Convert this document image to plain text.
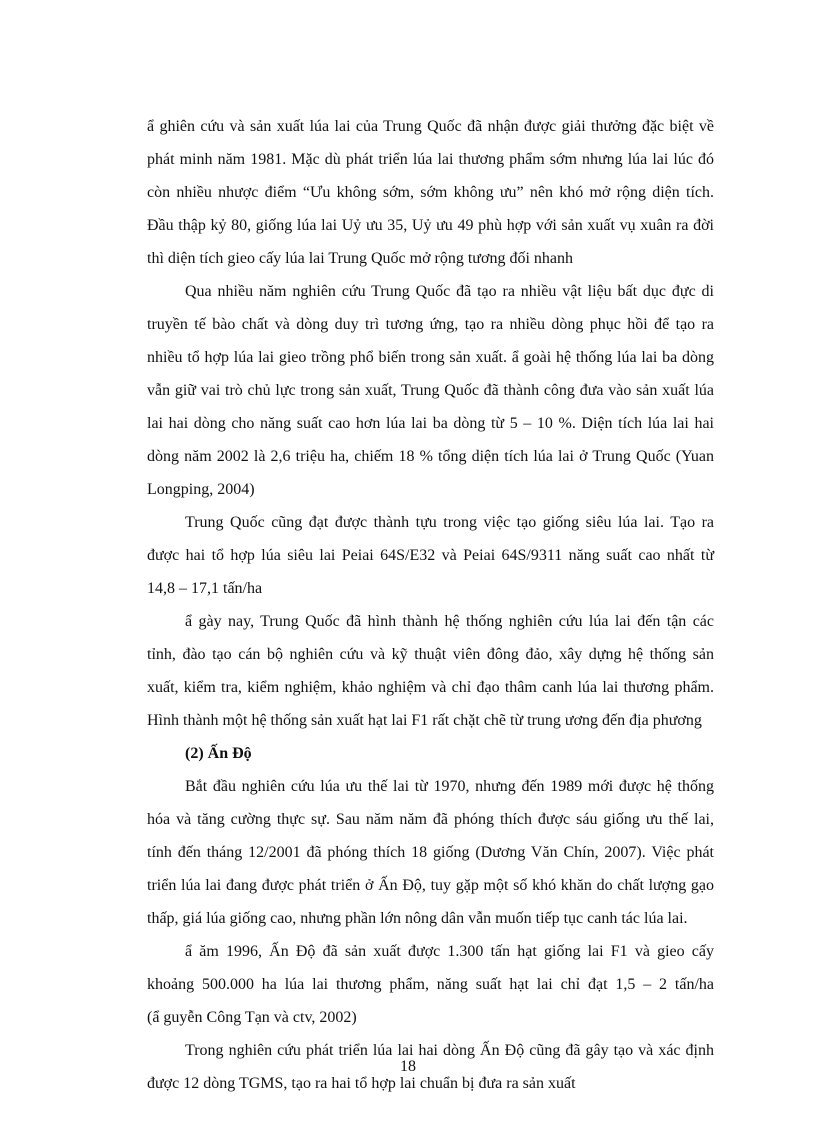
ẩ ghiên cứu và sản xuất lúa lai của Trung Quốc đã nhận được giải thưởng đặc biệt về
phát minh năm 1981. Mặc dù phát triển lúa lai thương phẩm sớm nhưng lúa lai lúc đó
còn nhiều nhược điểm “Ưu không sớm, sớm không ưu” nên khó mở rộng diện tích.
Đầu thập kỷ 80, giống lúa lai Uỷ ưu 35, Uỷ ưu 49 phù hợp với sản xuất vụ xuân ra đời
thì diện tích gieo cấy lúa lai Trung Quốc mở rộng tương đối nhanh
Qua nhiều năm nghiên cứu Trung Quốc đã tạo ra nhiều vật liệu bất dục đực di
truyền tế bào chất và dòng duy trì tương ứng, tạo ra nhiều dòng phục hồi để tạo ra
nhiều tổ hợp lúa lai gieo trồng phổ biến trong sản xuất. ẩ goài hệ thống lúa lai ba dòng
vẫn giữ vai trò chủ lực trong sản xuất, Trung Quốc đã thành công đưa vào sản xuất lúa
lai hai dòng cho năng suất cao hơn lúa lai ba dòng từ 5 – 10 %. Diện tích lúa lai hai
dòng năm 2002 là 2,6 triệu ha, chiếm 18 % tổng diện tích lúa lai ở Trung Quốc (Yuan
Longping, 2004)
Trung Quốc cũng đạt được thành tựu trong việc tạo giống siêu lúa lai. Tạo ra
được hai tổ hợp lúa siêu lai Peiai 64S/E32 và Peiai 64S/9311 năng suất cao nhất từ
14,8 – 17,1 tấn/ha
ẩ gày nay, Trung Quốc đã hình thành hệ thống nghiên cứu lúa lai đến tận các
tỉnh, đào tạo cán bộ nghiên cứu và kỹ thuật viên đông đảo, xây dựng hệ thống sản
xuất, kiểm tra, kiểm nghiệm, khảo nghiệm và chỉ đạo thâm canh lúa lai thương phẩm.
Hình thành một hệ thống sản xuất hạt lai F1 rất chặt chẽ từ trung ương đến địa phương
(2) Ấn Độ
Bắt đầu nghiên cứu lúa ưu thế lai từ 1970, nhưng đến 1989 mới được hệ thống
hóa và tăng cường thực sự. Sau năm năm đã phóng thích được sáu giống ưu thế lai,
tính đến tháng 12/2001 đã phóng thích 18 giống (Dương Văn Chín, 2007). Việc phát
triển lúa lai đang được phát triển ở Ấn Độ, tuy gặp một số khó khăn do chất lượng gạo
thấp, giá lúa giống cao, nhưng phần lớn nông dân vẫn muốn tiếp tục canh tác lúa lai.
ẩ ăm 1996, Ấn Độ đã sản xuất được 1.300 tấn hạt giống lai F1 và gieo cấy
khoảng 500.000 ha lúa lai thương phẩm, năng suất hạt lai chỉ đạt 1,5 – 2 tấn/ha
(ẩ guyễn Công Tạn và ctv, 2002)
Trong nghiên cứu phát triển lúa lai hai dòng Ấn Độ cũng đã gây tạo và xác định
được 12 dòng TGMS, tạo ra hai tổ hợp lai chuẩn bị đưa ra sản xuất
18
